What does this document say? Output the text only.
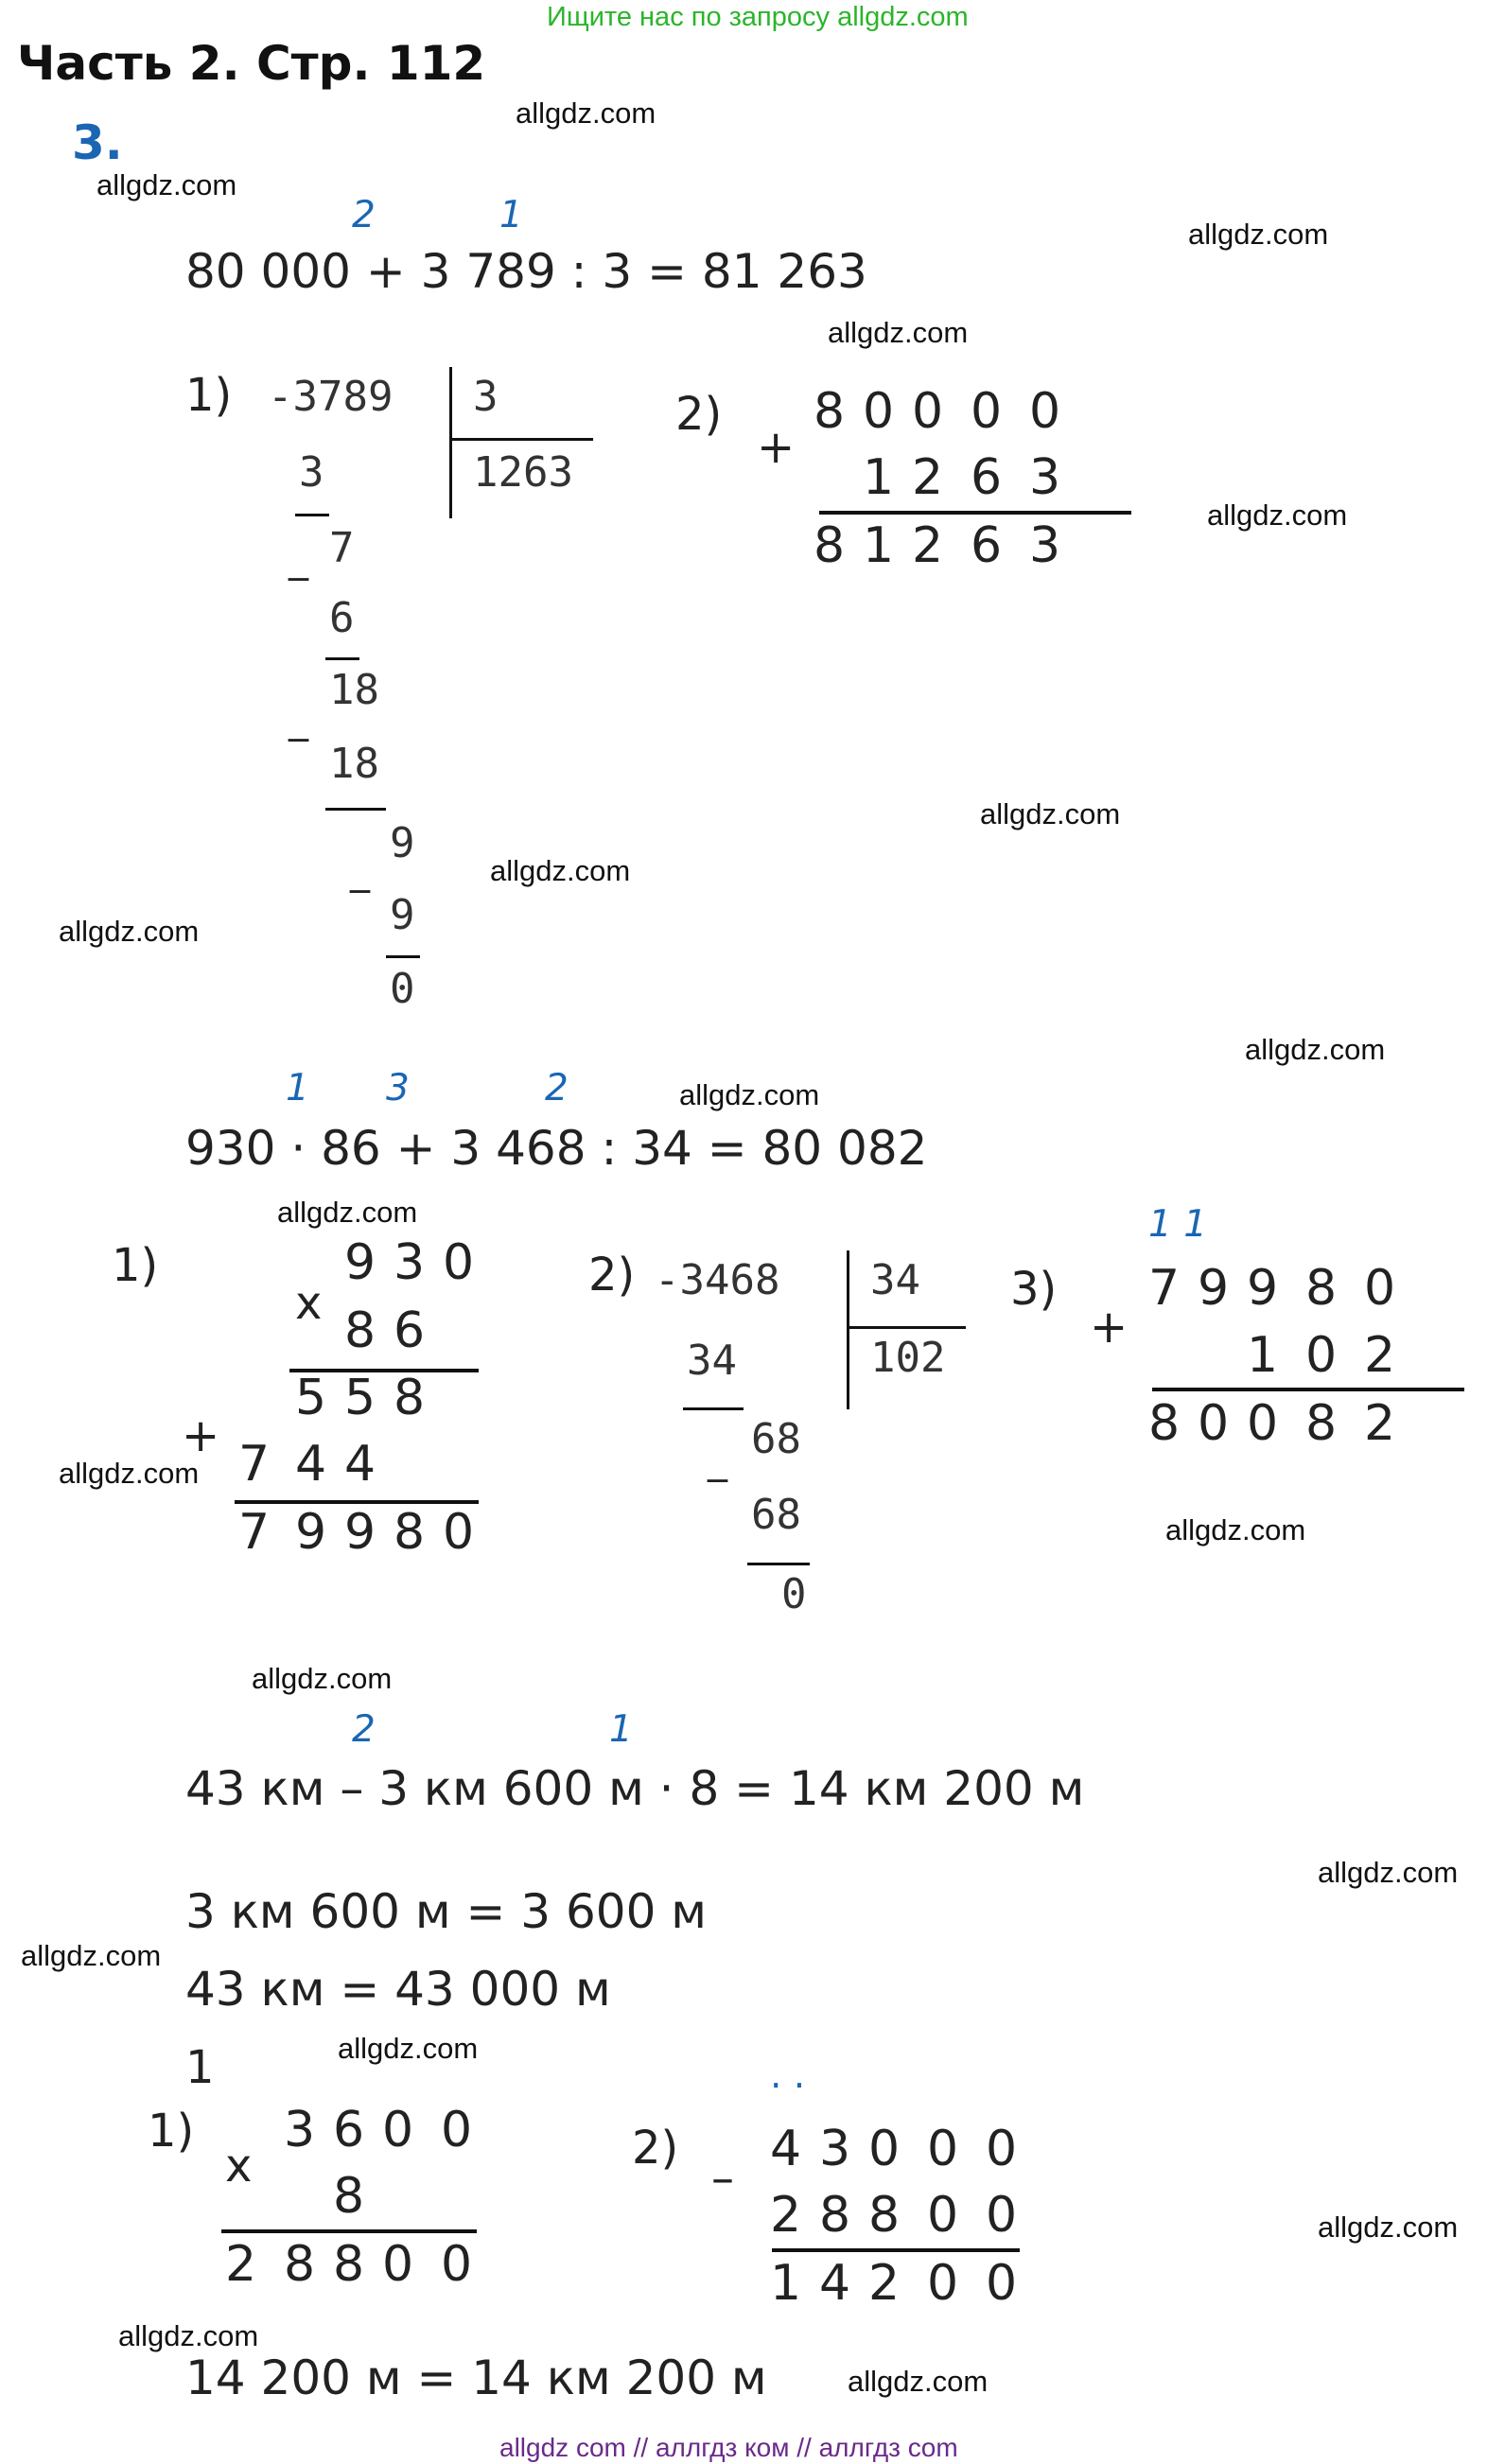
Ищите нас по запросу allgdz.com
Часть 2. Стр. 112
3.
allgdz.com
allgdz.com
allgdz.com
allgdz.com
allgdz.com
allgdz.com
allgdz.com
allgdz.com
allgdz.com
allgdz.com
allgdz.com
allgdz.com
allgdz.com
allgdz.com
allgdz.com
allgdz.com
allgdz.com
allgdz.com
allgdz.com
allgdz.com
2	1
80 000 + 3 789 : 3 = 81 263
1) -3789 3
1263
3
_ 7
6
18
_
18
9
_
9
0
2)
+
8 0 0 0 0
1 2 6 3
8 1 2 6 3
1 3	2
930 · 86 + 3 468 : 34 = 80 082
1)
x
+
9 3 0
8 6
5 5 8
7 4 4
7 9 9 8 0
2) -3468 34
102
34
_ 68
68
0
3)
+
1 1
7 9 9 8 0
1 0 2
8 0 0 8 2
2	1
43 км – 3 км 600 м · 8 = 14 км 200 м
3 км 600 м = 3 600 м
43 км = 43 000 м
1
1)
x
3 6 0 0
8
2 8 8 0 0
2)
–
. .
4 3 0 0 0
2 8 8 0 0
1 4 2 0 0
14 200 м = 14 км 200 м
allgdz com // аллгдз ком // аллгдз com
